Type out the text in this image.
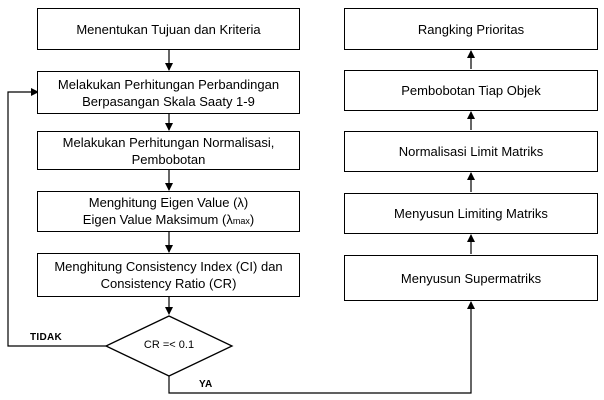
Menentukan Tujuan dan Kriteria
Melakukan Perhitungan Perbandingan
Berpasangan Skala Saaty 1-9
Melakukan Perhitungan Normalisasi,
Pembobotan
Menghitung Eigen Value (λ)
Eigen Value Maksimum (λmax)
Menghitung Consistency Index (CI) dan
Consistency Ratio (CR)
CR =< 0.1
TIDAK
YA
Rangking Prioritas
Pembobotan Tiap Objek
Normalisasi Limit Matriks
Menyusun Limiting Matriks
Menyusun Supermatriks
